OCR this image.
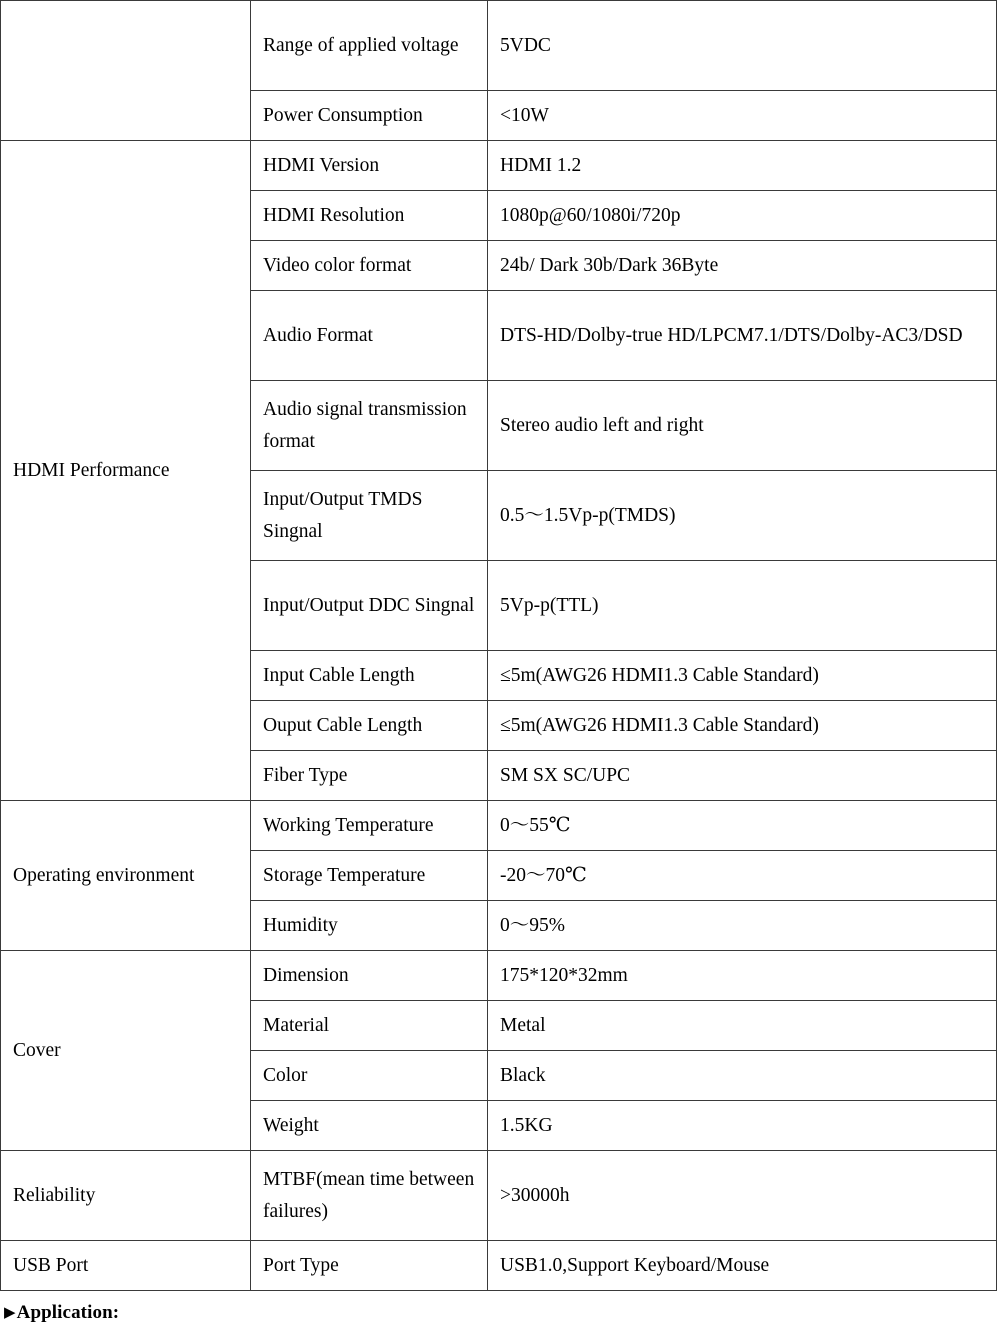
	Range of applied voltage	5VDC
	Power Consumption	<10W
HDMI Performance	HDMI Version	HDMI 1.2
	HDMI Resolution	1080p@60/1080i/720p
	Video color format	24b/ Dark 30b/Dark 36Byte
	Audio Format	DTS-HD/Dolby-true HD/LPCM7.1/DTS/Dolby-AC3/DSD
	Audio signal transmission format	Stereo audio left and right
	Input/Output TMDS Singnal	0.5～1.5Vp-p(TMDS)
	Input/Output DDC Singnal	5Vp-p(TTL)
	Input Cable Length	≤5m(AWG26 HDMI1.3 Cable Standard)
	Ouput Cable Length	≤5m(AWG26 HDMI1.3 Cable Standard)
	Fiber Type	SM SX SC/UPC
Operating environment	Working Temperature	0～55℃
	Storage Temperature	-20～70℃
	Humidity	0～95%
Cover	Dimension	175*120*32mm
	Material	Metal
	Color	Black
	Weight	1.5KG
Reliability	MTBF(mean time between failures)	>30000h
USB Port	Port Type	USB1.0,Support Keyboard/Mouse

▶Application:
